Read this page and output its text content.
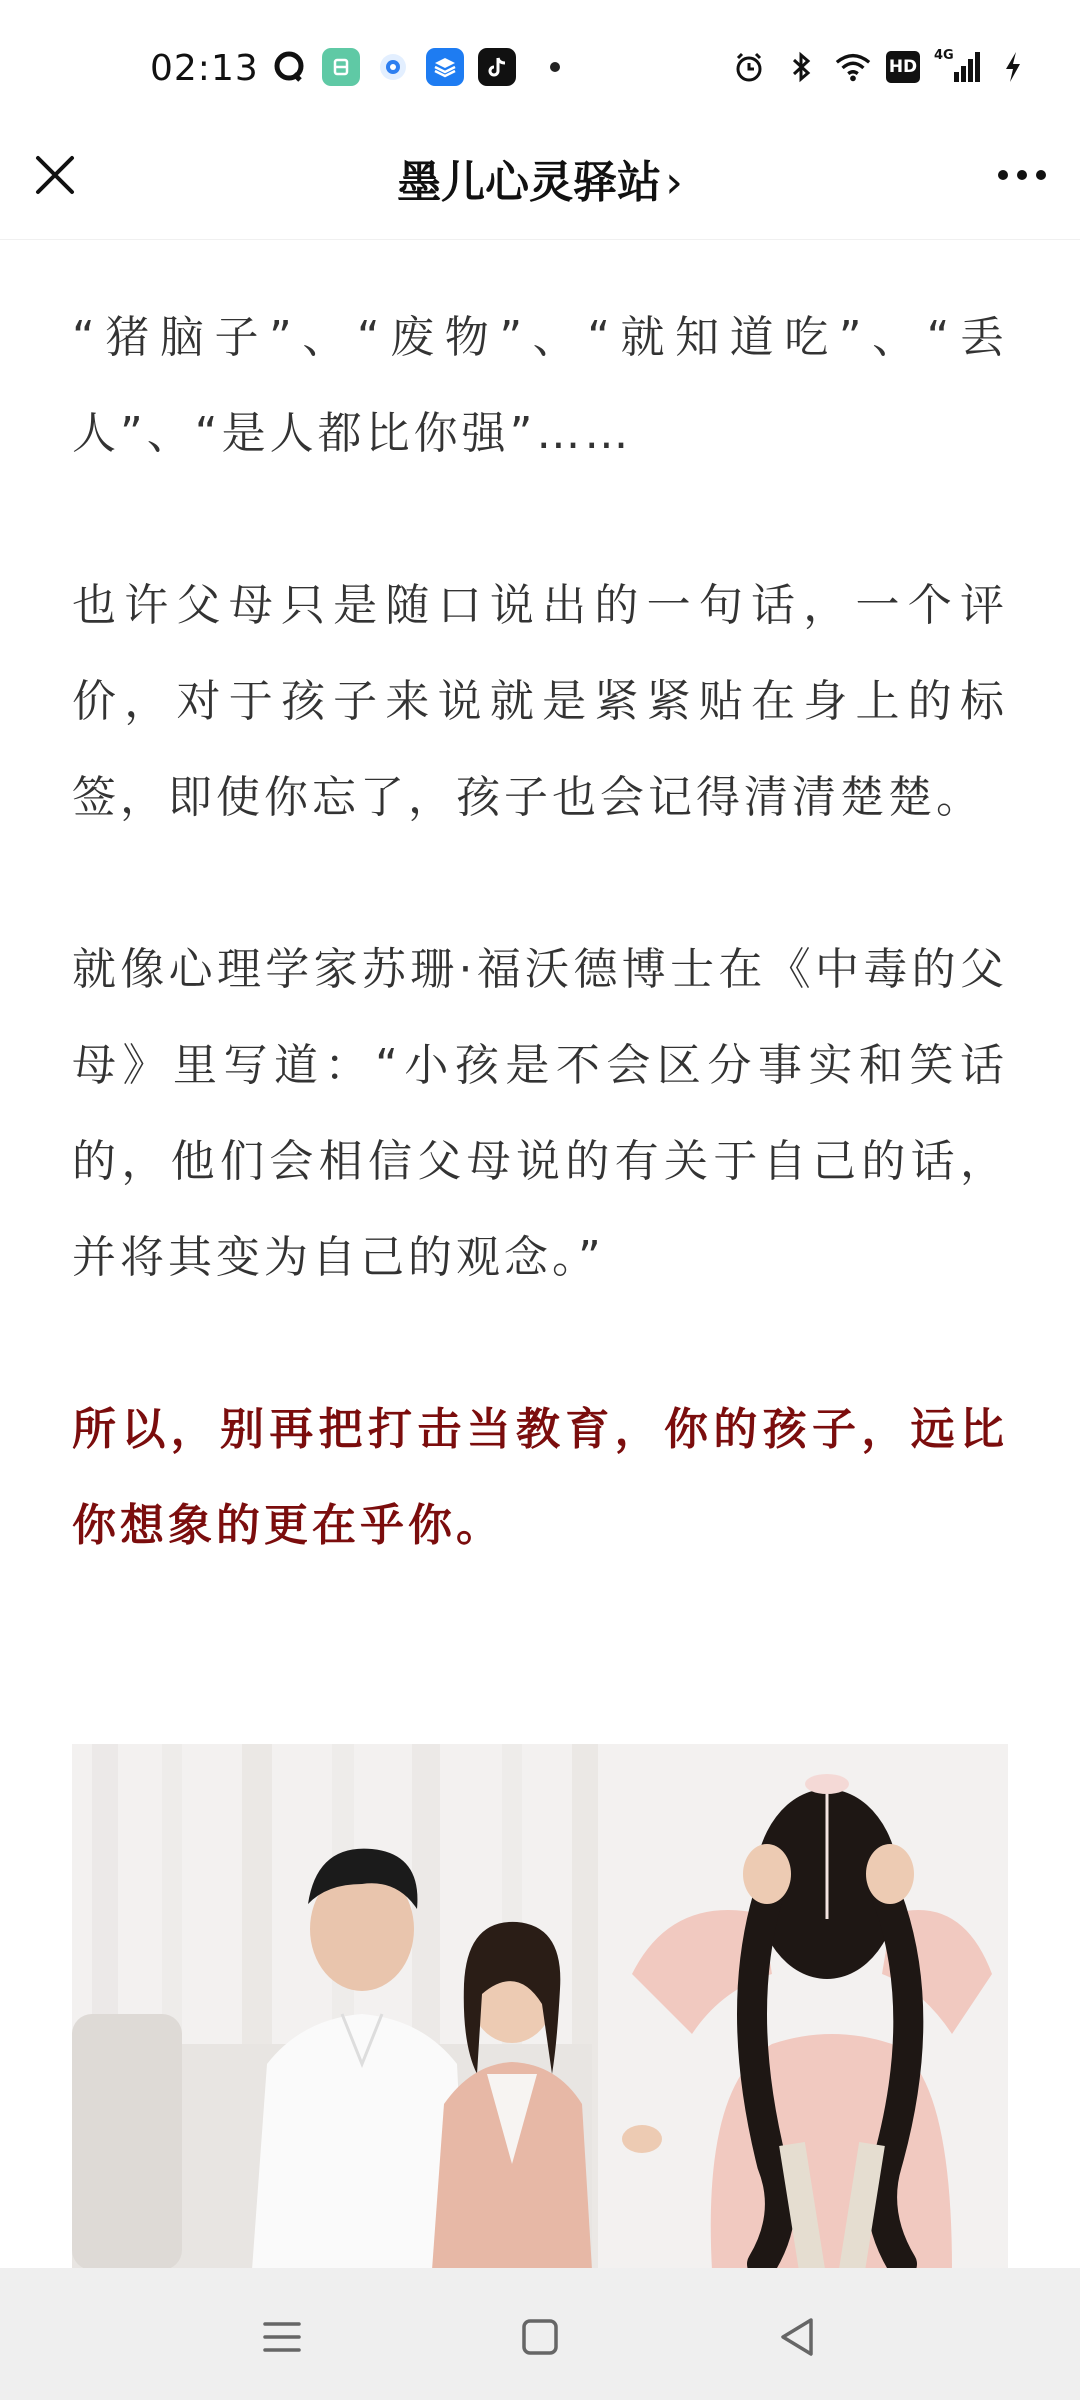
02:13	HD
4G
墨儿心灵驿站›

“猪脑子”、“废物”、“就知道吃”、“丢人”、“是人都比你强”……

也许父母只是随口说出的一句话，一个评价，对于孩子来说就是紧紧贴在身上的标签，即使你忘了，孩子也会记得清清楚楚。

就像心理学家苏珊·福沃德博士在《中毒的父母》里写道：“小孩是不会区分事实和笑话的，他们会相信父母说的有关于自己的话，并将其变为自己的观念。”

所以，别再把打击当教育，你的孩子，远比你想象的更在乎你。
